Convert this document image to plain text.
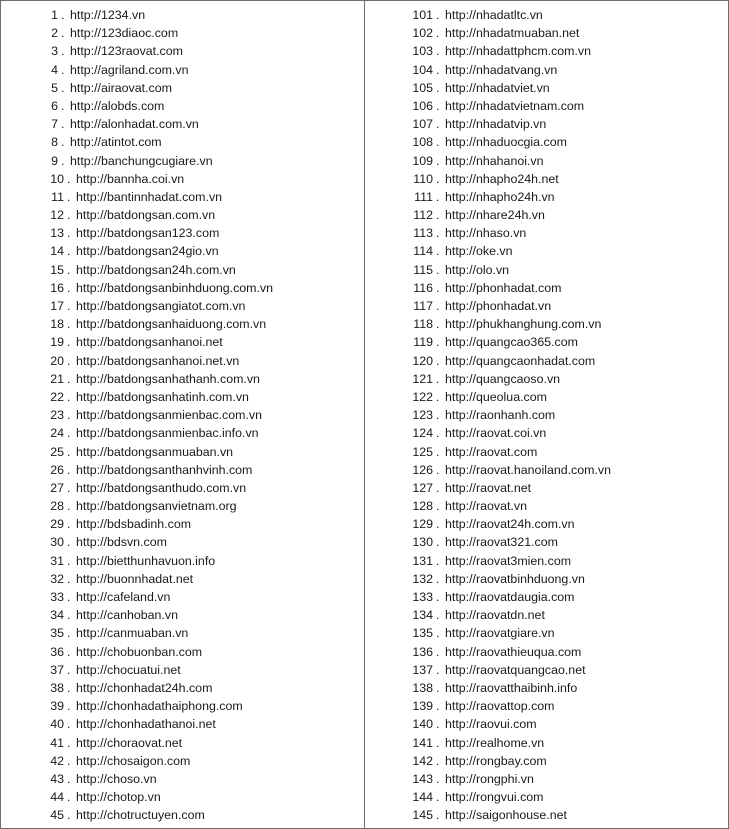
1 . http://1234.vn
2 . http://123diaoc.com
3 . http://123raovat.com
4 . http://agriland.com.vn
5 . http://airaovat.com
6 . http://alobds.com
7 . http://alonhadat.com.vn
8 . http://atintot.com
9 . http://banchungcugiare.vn
10 . http://bannha.coi.vn
11 . http://bantinnhadat.com.vn
12 . http://batdongsan.com.vn
13 . http://batdongsan123.com
14 . http://batdongsan24gio.vn
15 . http://batdongsan24h.com.vn
16 . http://batdongsanbinhduong.com.vn
17 . http://batdongsangiatot.com.vn
18 . http://batdongsanhaiduong.com.vn
19 . http://batdongsanhanoi.net
20 . http://batdongsanhanoi.net.vn
21 . http://batdongsanhathanh.com.vn
22 . http://batdongsanhatinh.com.vn
23 . http://batdongsanmienbac.com.vn
24 . http://batdongsanmienbac.info.vn
25 . http://batdongsanmuaban.vn
26 . http://batdongsanthanhvinh.com
27 . http://batdongsanthudo.com.vn
28 . http://batdongsanvietnam.org
29 . http://bdsbadinh.com
30 . http://bdsvn.com
31 . http://bietthunhavuon.info
32 . http://buonnhadat.net
33 . http://cafeland.vn
34 . http://canhoban.vn
35 . http://canmuaban.vn
36 . http://chobuonban.com
37 . http://chocuatui.net
38 . http://chonhadat24h.com
39 . http://chonhadathaiphong.com
40 . http://chonhadathanoi.net
41 . http://choraovat.net
42 . http://chosaigon.com
43 . http://choso.vn
44 . http://chotop.vn
45 . http://chotructuyen.com
101 . http://nhadatltc.vn
102 . http://nhadatmuaban.net
103 . http://nhadattphcm.com.vn
104 . http://nhadatvang.vn
105 . http://nhadatviet.vn
106 . http://nhadatvietnam.com
107 . http://nhadatvip.vn
108 . http://nhaduocgia.com
109 . http://nhahanoi.vn
110 . http://nhapho24h.net
111 . http://nhapho24h.vn
112 . http://nhare24h.vn
113 . http://nhaso.vn
114 . http://oke.vn
115 . http://olo.vn
116 . http://phonhadat.com
117 . http://phonhadat.vn
118 . http://phukhanghung.com.vn
119 . http://quangcao365.com
120 . http://quangcaonhadat.com
121 . http://quangcaoso.vn
122 . http://queolua.com
123 . http://raonhanh.com
124 . http://raovat.coi.vn
125 . http://raovat.com
126 . http://raovat.hanoiland.com.vn
127 . http://raovat.net
128 . http://raovat.vn
129 . http://raovat24h.com.vn
130 . http://raovat321.com
131 . http://raovat3mien.com
132 . http://raovatbinhduong.vn
133 . http://raovatdaugia.com
134 . http://raovatdn.net
135 . http://raovatgiare.vn
136 . http://raovathieuqua.com
137 . http://raovatquangcao.net
138 . http://raovatthaibinh.info
139 . http://raovattop.com
140 . http://raovui.com
141 . http://realhome.vn
142 . http://rongbay.com
143 . http://rongphi.vn
144 . http://rongvui.com
145 . http://saigonhouse.net
